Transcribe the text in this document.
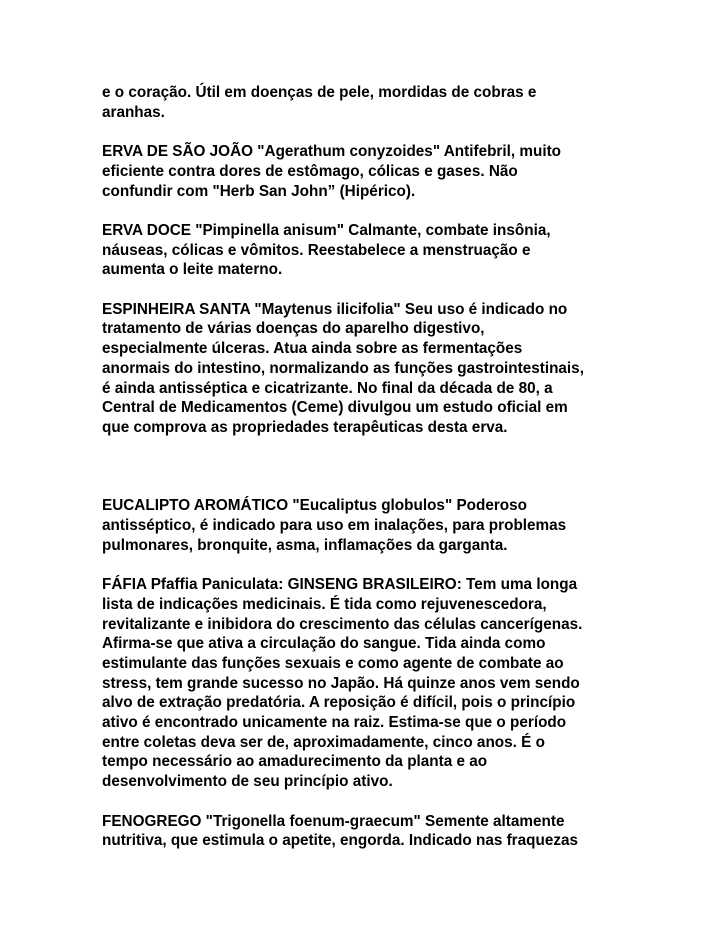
e o coração. Útil em doenças de pele, mordidas de cobras e
aranhas.

ERVA DE SÃO JOÃO "Agerathum conyzoides" Antifebril, muito
eficiente contra dores de estômago, cólicas e gases. Não
confundir com "Herb San John” (Hipérico).

ERVA DOCE "Pimpinella anisum" Calmante, combate insônia,
náuseas, cólicas e vômitos. Reestabelece a menstruação e
aumenta o leite materno.

ESPINHEIRA SANTA "Maytenus ilicifolia" Seu uso é indicado no
tratamento de várias doenças do aparelho digestivo,
especialmente úlceras. Atua ainda sobre as fermentações
anormais do intestino, normalizando as funções gastrointestinais,
é ainda antisséptica e cicatrizante. No final da década de 80, a
Central de Medicamentos (Ceme) divulgou um estudo oficial em
que comprova as propriedades terapêuticas desta erva.

EUCALIPTO AROMÁTICO "Eucaliptus globulos" Poderoso
antisséptico, é indicado para uso em inalações, para problemas
pulmonares, bronquite, asma, inflamações da garganta.

FÁFIA Pfaffia Paniculata: GINSENG BRASILEIRO: Tem uma longa
lista de indicações medicinais. É tida como rejuvenescedora,
revitalizante e inibidora do crescimento das células cancerígenas.
Afirma-se que ativa a circulação do sangue. Tida ainda como
estimulante das funções sexuais e como agente de combate ao
stress, tem grande sucesso no Japão. Há quinze anos vem sendo
alvo de extração predatória. A reposição é difícil, pois o princípio
ativo é encontrado unicamente na raiz. Estima-se que o período
entre coletas deva ser de, aproximadamente, cinco anos. É o
tempo necessário ao amadurecimento da planta e ao
desenvolvimento de seu princípio ativo.

FENOGREGO "Trigonella foenum-graecum" Semente altamente
nutritiva, que estimula o apetite, engorda. Indicado nas fraquezas
